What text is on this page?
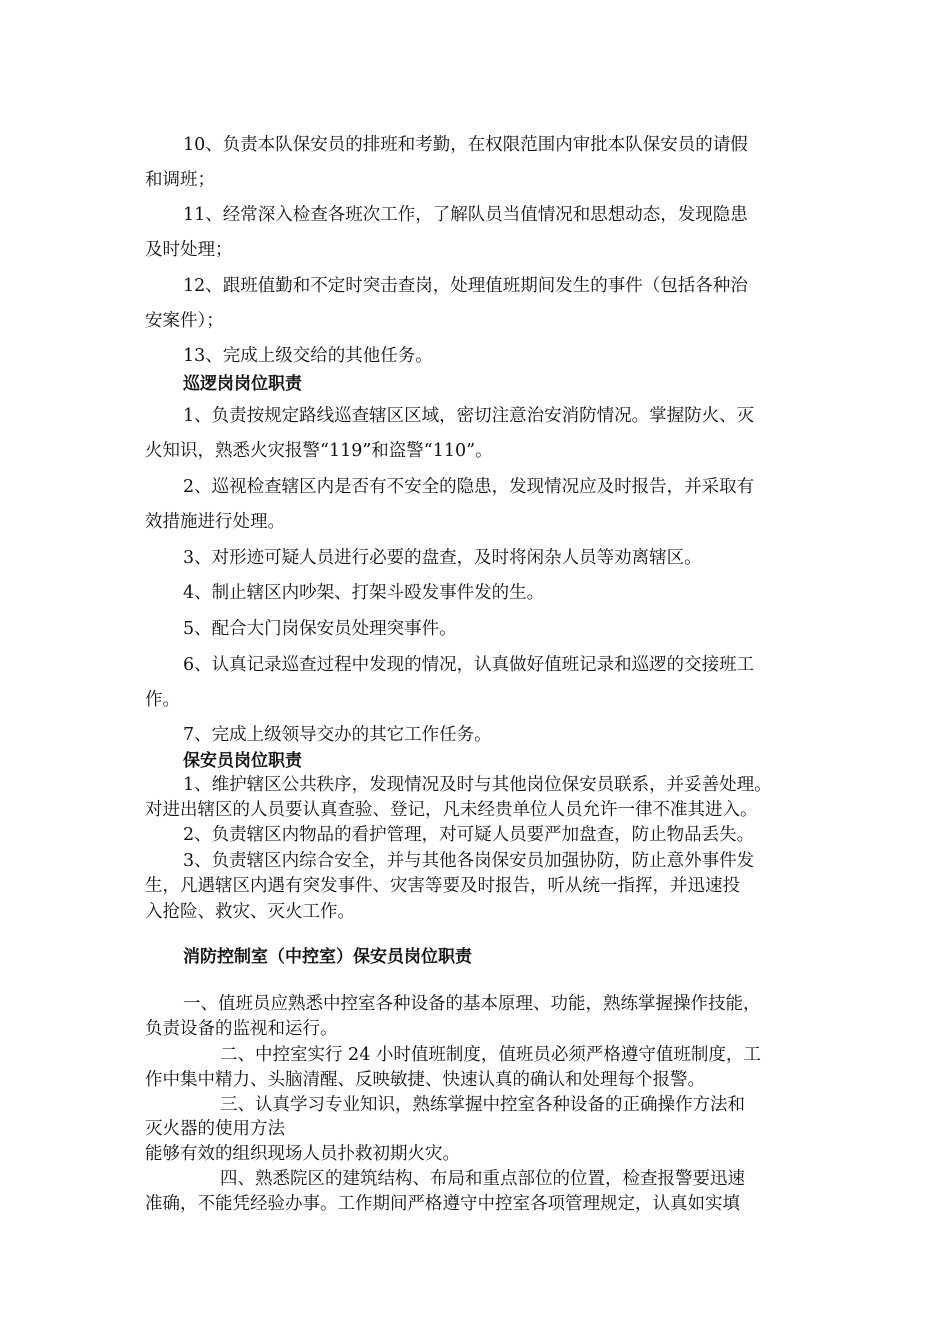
10、负责本队保安员的排班和考勤，在权限范围内审批本队保安员的请假
和调班；
11、经常深入检查各班次工作，了解队员当值情况和思想动态，发现隐患
及时处理；
12、跟班值勤和不定时突击查岗，处理值班期间发生的事件（包括各种治
安案件）；
13、完成上级交给的其他任务。
巡逻岗岗位职责
1、负责按规定路线巡查辖区区域，密切注意治安消防情况。掌握防火、灭
火知识，熟悉火灾报警“119”和盗警“110”。
2、巡视检查辖区内是否有不安全的隐患，发现情况应及时报告，并采取有
效措施进行处理。
3、对形迹可疑人员进行必要的盘查，及时将闲杂人员等劝离辖区。
4、制止辖区内吵架、打架斗殴发事件发的生。
5、配合大门岗保安员处理突事件。
6、认真记录巡查过程中发现的情况，认真做好值班记录和巡逻的交接班工
作。
7、完成上级领导交办的其它工作任务。
保安员岗位职责
1、维护辖区公共秩序，发现情况及时与其他岗位保安员联系，并妥善处理。
对进出辖区的人员要认真查验、登记，凡未经贵单位人员允许一律不准其进入。
2、负责辖区内物品的看护管理，对可疑人员要严加盘查，防止物品丢失。
3、负责辖区内综合安全，并与其他各岗保安员加强协防，防止意外事件发
生，凡遇辖区内遇有突发事件、灾害等要及时报告，听从统一指挥，并迅速投
入抢险、救灾、灭火工作。
消防控制室（中控室）保安员岗位职责
一、值班员应熟悉中控室各种设备的基本原理、功能，熟练掌握操作技能，
负责设备的监视和运行。
二、中控室实行 24 小时值班制度，值班员必须严格遵守值班制度，工
作中集中精力、头脑清醒、反映敏捷、快速认真的确认和处理每个报警。
三、认真学习专业知识，熟练掌握中控室各种设备的正确操作方法和
灭火器的使用方法
能够有效的组织现场人员扑救初期火灾。
四、熟悉院区的建筑结构、布局和重点部位的位置，检查报警要迅速
准确，不能凭经验办事。工作期间严格遵守中控室各项管理规定，认真如实填
